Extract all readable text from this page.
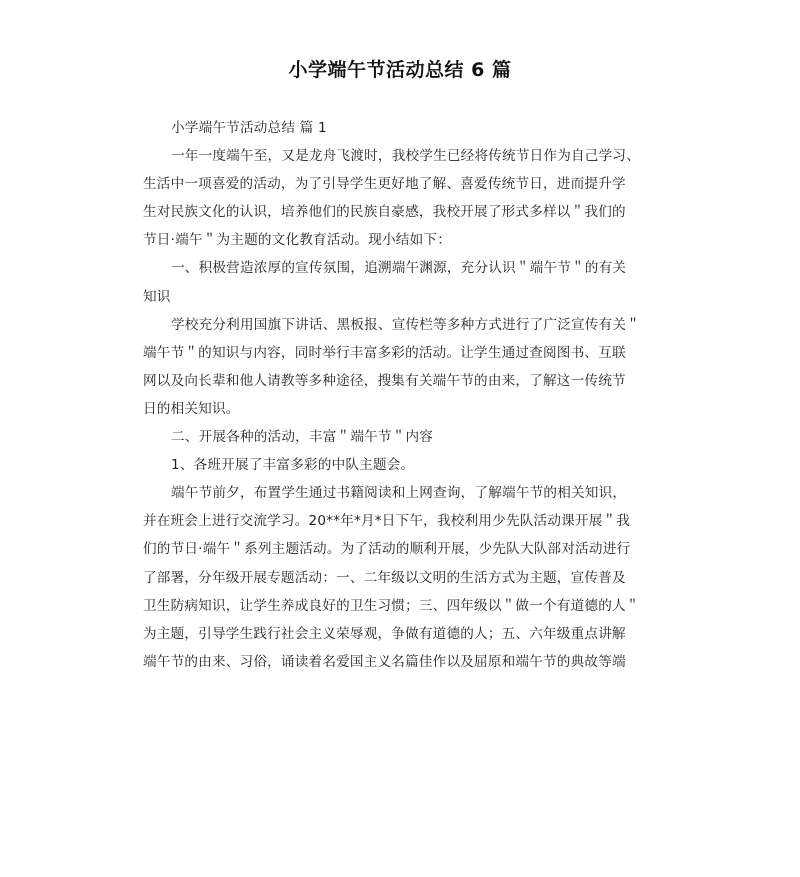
小学端午节活动总结 6 篇
小学端午节活动总结 篇 1
一年一度端午至，又是龙舟飞渡时，我校学生已经将传统节日作为自己学习、
生活中一项喜爱的活动，为了引导学生更好地了解、喜爱传统节日，进而提升学
生对民族文化的认识，培养他们的民族自豪感，我校开展了形式多样以＂我们的
节日·端午＂为主题的文化教育活动。现小结如下：
一、积极营造浓厚的宣传氛围，追溯端午渊源，充分认识＂端午节＂的有关
知识
学校充分利用国旗下讲话、黑板报、宣传栏等多种方式进行了广泛宣传有关＂
端午节＂的知识与内容，同时举行丰富多彩的活动。让学生通过查阅图书、互联
网以及向长辈和他人请教等多种途径，搜集有关端午节的由来，了解这一传统节
日的相关知识。
二、开展各种的活动，丰富＂端午节＂内容
1、各班开展了丰富多彩的中队主题会。
端午节前夕，布置学生通过书籍阅读和上网查询，了解端午节的相关知识，
并在班会上进行交流学习。20**年*月*日下午，我校利用少先队活动课开展＂我
们的节日·端午＂系列主题活动。为了活动的顺利开展，少先队大队部对活动进行
了部署，分年级开展专题活动：一、二年级以文明的生活方式为主题，宣传普及
卫生防病知识，让学生养成良好的卫生习惯；三、四年级以＂做一个有道德的人＂
为主题，引导学生践行社会主义荣辱观，争做有道德的人；五、六年级重点讲解
端午节的由来、习俗，诵读着名爱国主义名篇佳作以及屈原和端午节的典故等端
